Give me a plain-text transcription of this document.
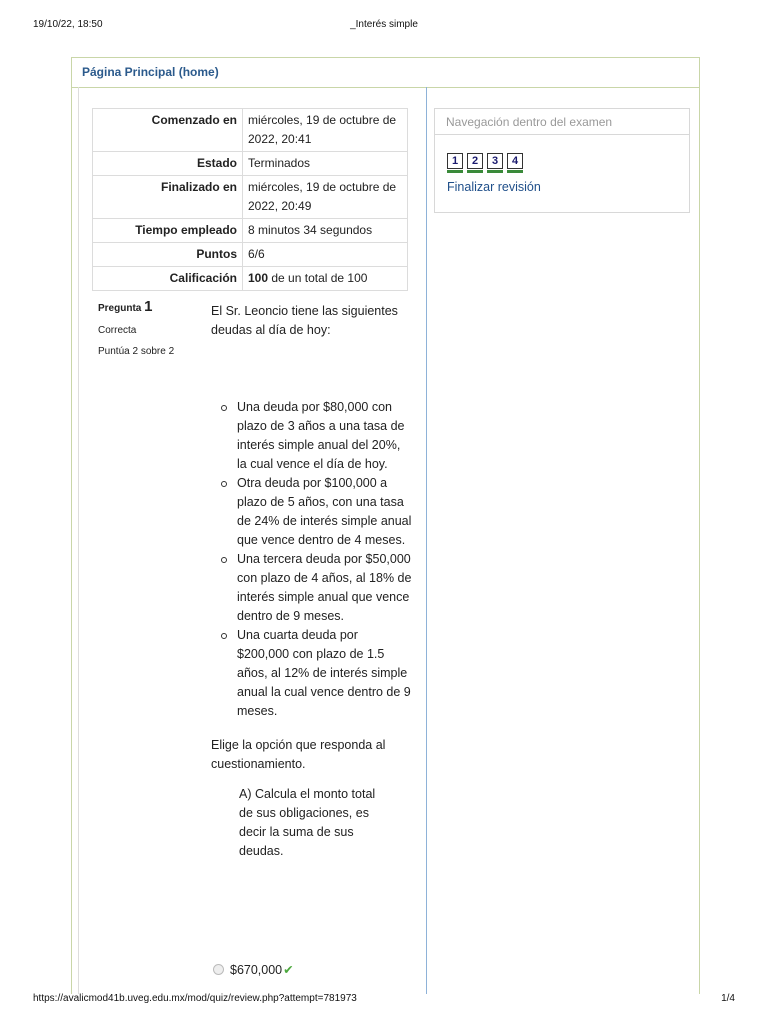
19/10/22, 18:50	_Interés simple
Página Principal (home)
Comenzado en	miércoles, 19 de octubre de 2022, 20:41
Estado	Terminados
Finalizado en	miércoles, 19 de octubre de 2022, 20:49
Tiempo empleado	8 minutos 34 segundos
Puntos	6/6
Calificación	100 de un total de 100
Navegación dentro del examen
1 2 3 4
Finalizar revisión
Pregunta 1
Correcta
Puntúa 2 sobre 2

El Sr. Leoncio tiene las siguientes deudas al día de hoy:

Una deuda por $80,000 con plazo de 3 años a una tasa de interés simple anual del 20%, la cual vence el día de hoy.
Otra deuda por $100,000 a plazo de 5 años, con una tasa de 24% de interés simple anual que vence dentro de 4 meses.
Una tercera deuda por $50,000 con plazo de 4 años, al 18% de interés simple anual que vence dentro de 9 meses.
Una cuarta deuda por $200,000 con plazo de 1.5 años, al 12% de interés simple anual la cual vence dentro de 9 meses.

Elige la opción que responda al cuestionamiento.

A) Calcula el monto total de sus obligaciones, es decir la suma de sus deudas.

$670,000✔
https://avalicmod41b.uveg.edu.mx/mod/quiz/review.php?attempt=781973	1/4
